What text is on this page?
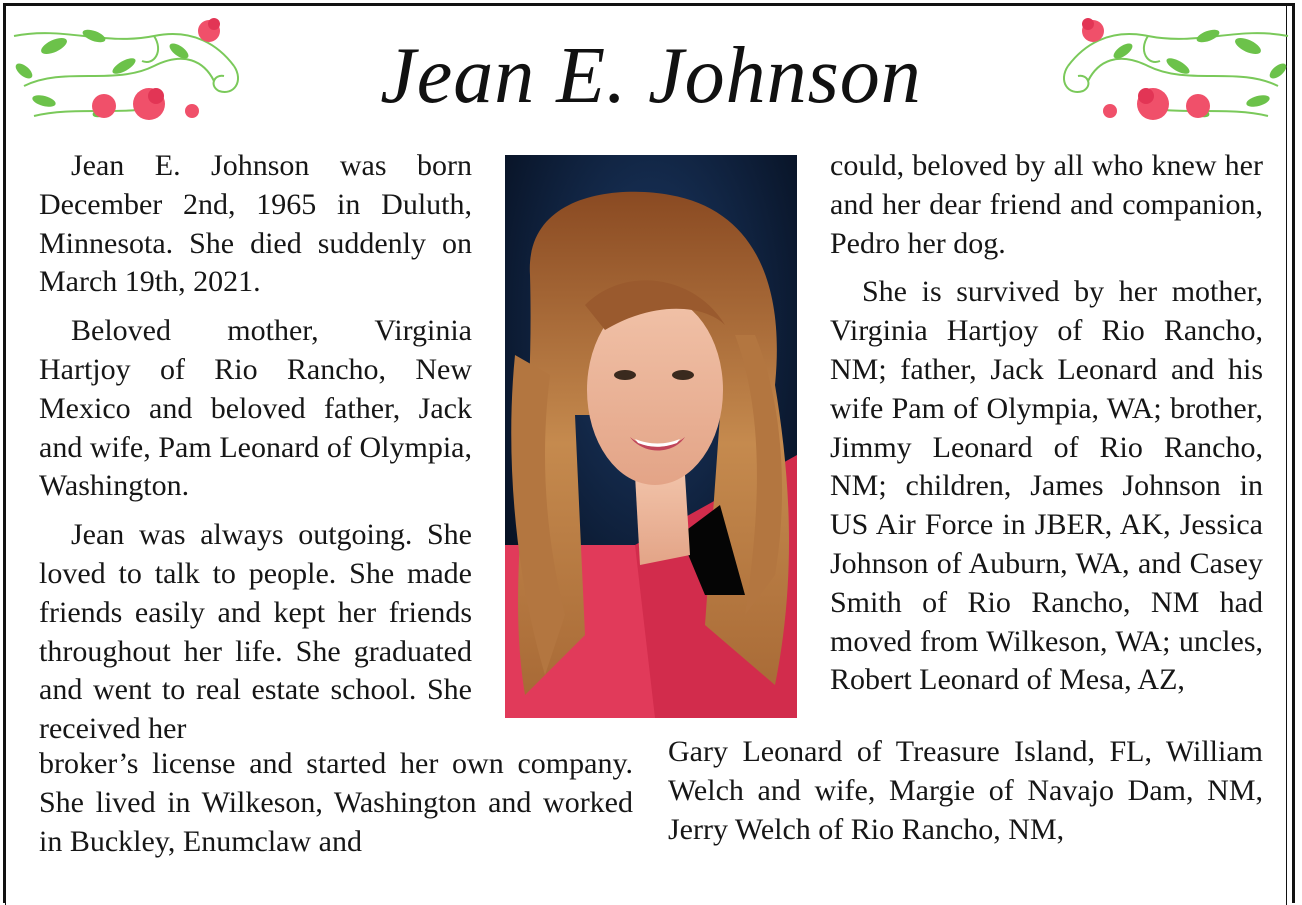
Jean E. Johnson

Jean E. Johnson was born December 2nd, 1965 in Duluth, Minnesota. She died suddenly on March 19th, 2021.

Beloved mother, Virginia Hartjoy of Rio Rancho, New Mexico and beloved father, Jack and wife, Pam Leonard of Olympia, Washington.

Jean was always outgoing. She loved to talk to people. She made friends easily and kept her friends throughout her life. She graduated and went to real estate school. She received her

broker’s license and started her own company. She lived in Wilkeson, Washington and worked in Buckley, Enumclaw and

could, beloved by all who knew her and her dear friend and companion, Pedro her dog.

She is survived by her mother, Virginia Hartjoy of Rio Rancho, NM; father, Jack Leonard and his wife Pam of Olympia, WA; brother, Jimmy Leonard of Rio Rancho, NM; children, James Johnson in US Air Force in JBER, AK, Jessica Johnson of Auburn, WA, and Casey Smith of Rio Rancho, NM had moved from Wilkeson, WA; uncles, Robert Leonard of Mesa, AZ,

Gary Leonard of Treasure Island, FL, William Welch and wife, Margie of Navajo Dam, NM, Jerry Welch of Rio Rancho, NM,
